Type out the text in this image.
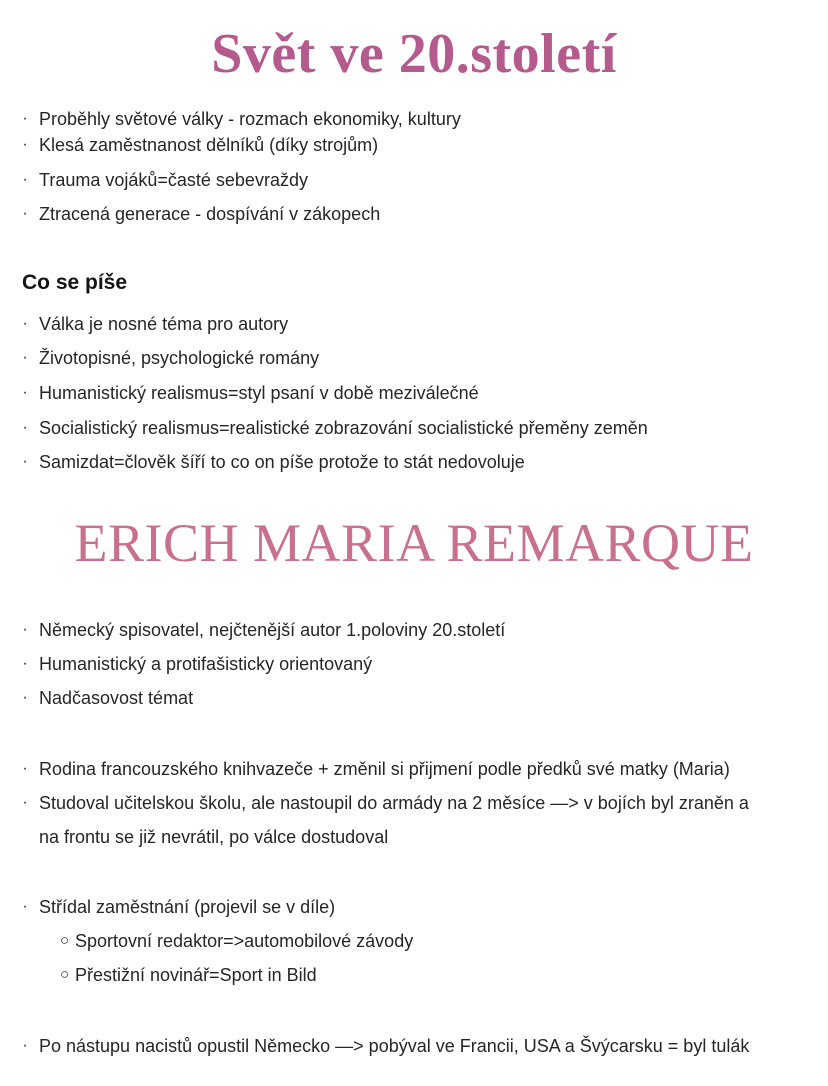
Svět ve 20.století
· Proběhly světové války - rozmach ekonomiky, kultury
· Klesá zaměstnanost dělníků (díky strojům)
· Trauma vojáků=časté sebevraždy
· Ztracená generace - dospívání v zákopech
Co se píše
· Válka je nosné téma pro autory
· Životopisné, psychologické romány
· Humanistický realismus=styl psaní v době meziválečné
· Socialistický realismus=realistické zobrazování socialistické přeměny zeměn
· Samizdat=člověk šíří to co on píše protože to stát nedovoluje
ERICH MARIA REMARQUE
· Německý spisovatel, nejčtenější autor 1.poloviny 20.století
· Humanistický a protifašisticky orientovaný
· Nadčasovost témat
· Rodina francouzského knihvazeče + změnil si přijmení podle předků své matky (Maria)
· Studoval učitelskou školu, ale nastoupil do armády na 2 měsíce —> v bojích byl zraněn a
na frontu se již nevrátil, po válce dostudoval
· Střídal zaměstnání (projevil se v díle)
○ Sportovní redaktor=>automobilové závody
○ Přestižní novinář=Sport in Bild
· Po nástupu nacistů opustil Německo —> pobýval ve Francii, USA a Švýcarsku = byl tulák
